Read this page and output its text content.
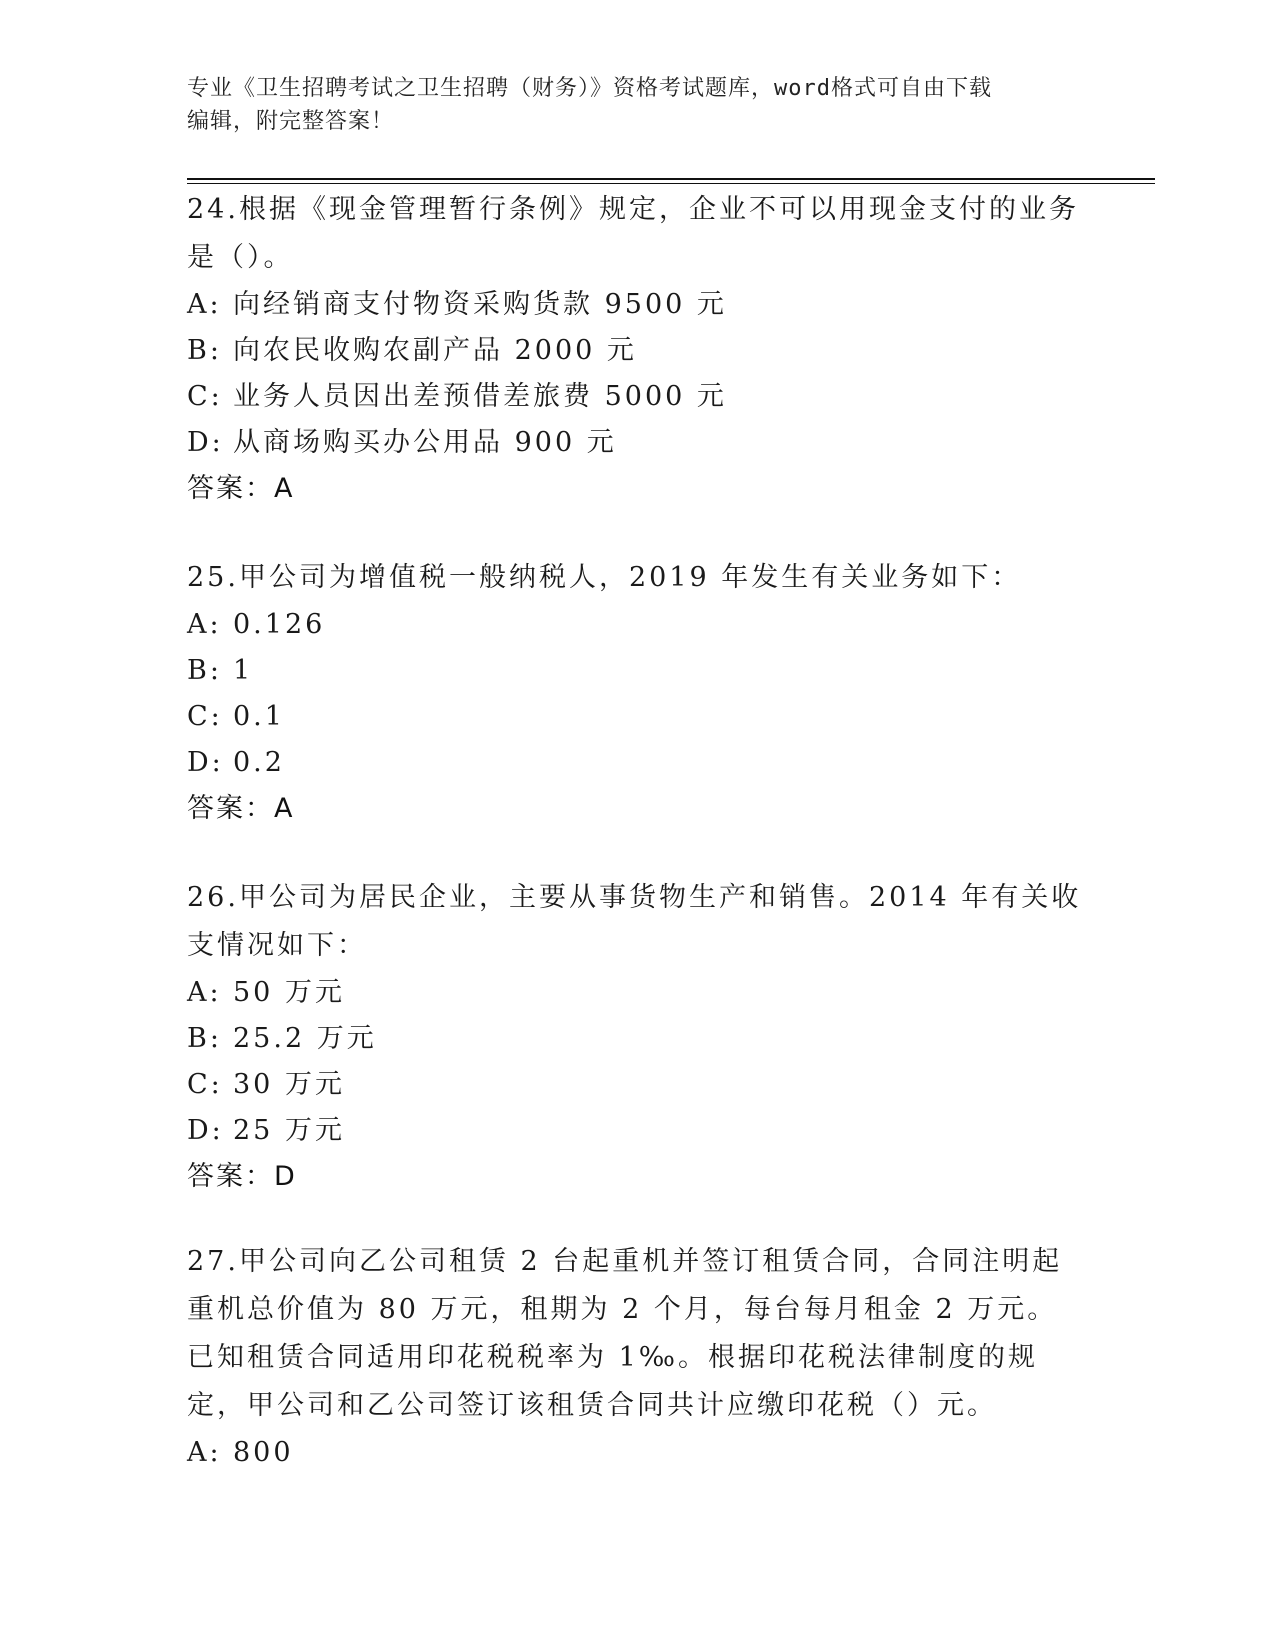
专业《卫生招聘考试之卫生招聘（财务）》资格考试题库，word格式可自由下载
编辑，附完整答案！

24.根据《现金管理暂行条例》规定，企业不可以用现金支付的业务是（）。

A: 向经销商支付物资采购货款 9500 元

B: 向农民收购农副产品 2000 元

C: 业务人员因出差预借差旅费 5000 元

D: 从商场购买办公用品 900 元

答案：A

25.甲公司为增值税一般纳税人，2019 年发生有关业务如下：

A: 0.126

B: 1

C: 0.1

D: 0.2

答案：A

26.甲公司为居民企业，主要从事货物生产和销售。2014 年有关收支情况如下：

A: 50 万元

B: 25.2 万元

C: 30 万元

D: 25 万元

答案：D

27.甲公司向乙公司租赁 2 台起重机并签订租赁合同，合同注明起重机总价值为 80 万元，租期为 2 个月，每台每月租金 2 万元。已知租赁合同适用印花税税率为 1‰。根据印花税法律制度的规定，甲公司和乙公司签订该租赁合同共计应缴印花税（）元。

A: 800
